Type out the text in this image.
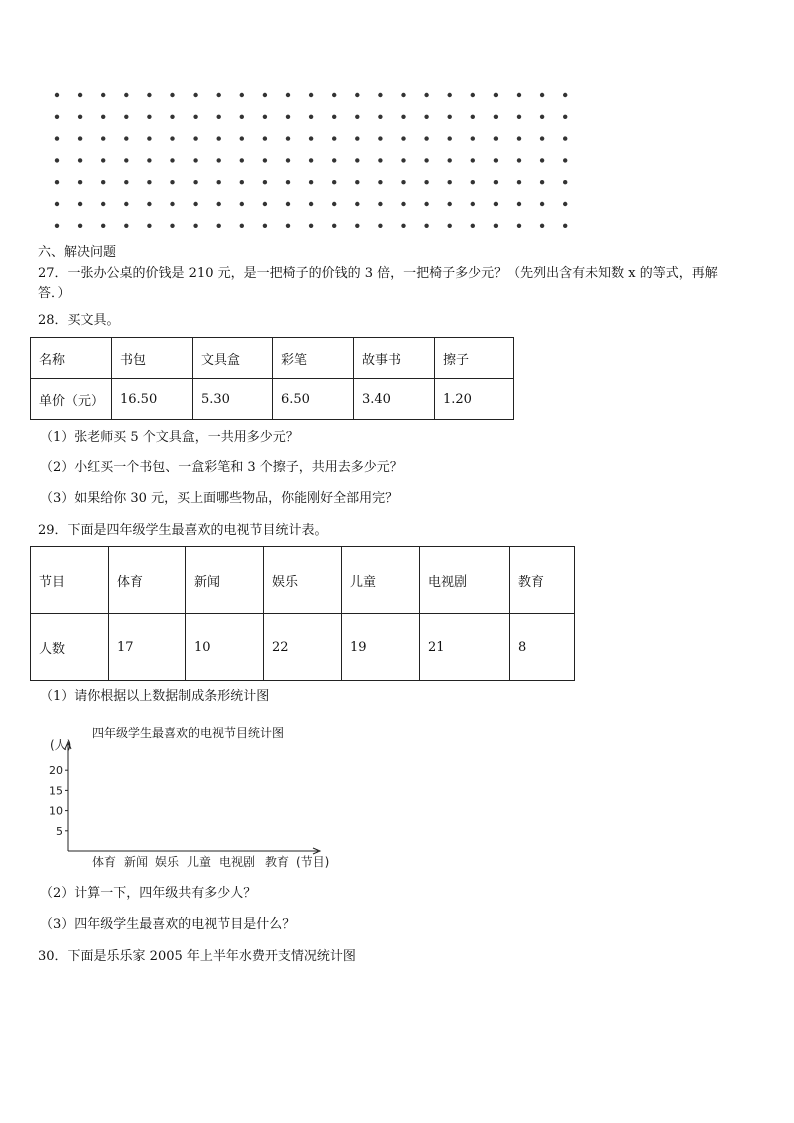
六、解决问题
27．一张办公桌的价钱是 210 元，是一把椅子的价钱的 3 倍，一把椅子多少元？（先列出含有未知数 x 的等式，再解
答．）
28．买文具。
名称	书包	文具盒	彩笔	故事书	擦子
单价（元）	16.50	5.30	6.50	3.40	1.20
（1）张老师买 5 个文具盒，一共用多少元？
（2）小红买一个书包、一盒彩笔和 3 个擦子，共用去多少元？
（3）如果给你 30 元，买上面哪些物品，你能刚好全部用完？
29．下面是四年级学生最喜欢的电视节目统计表。
节目	体育	新闻	娱乐	儿童	电视剧	教育
人数	17	10	22	19	21	8
（1）请你根据以上数据制成条形统计图
四年级学生最喜欢的电视节目统计图
(人)
20
15
10
5
体育 新闻 娱乐 儿童 电视剧 教育 (节目)
（2）计算一下，四年级共有多少人？
（3）四年级学生最喜欢的电视节目是什么？
30．下面是乐乐家 2005 年上半年水费开支情况统计图
